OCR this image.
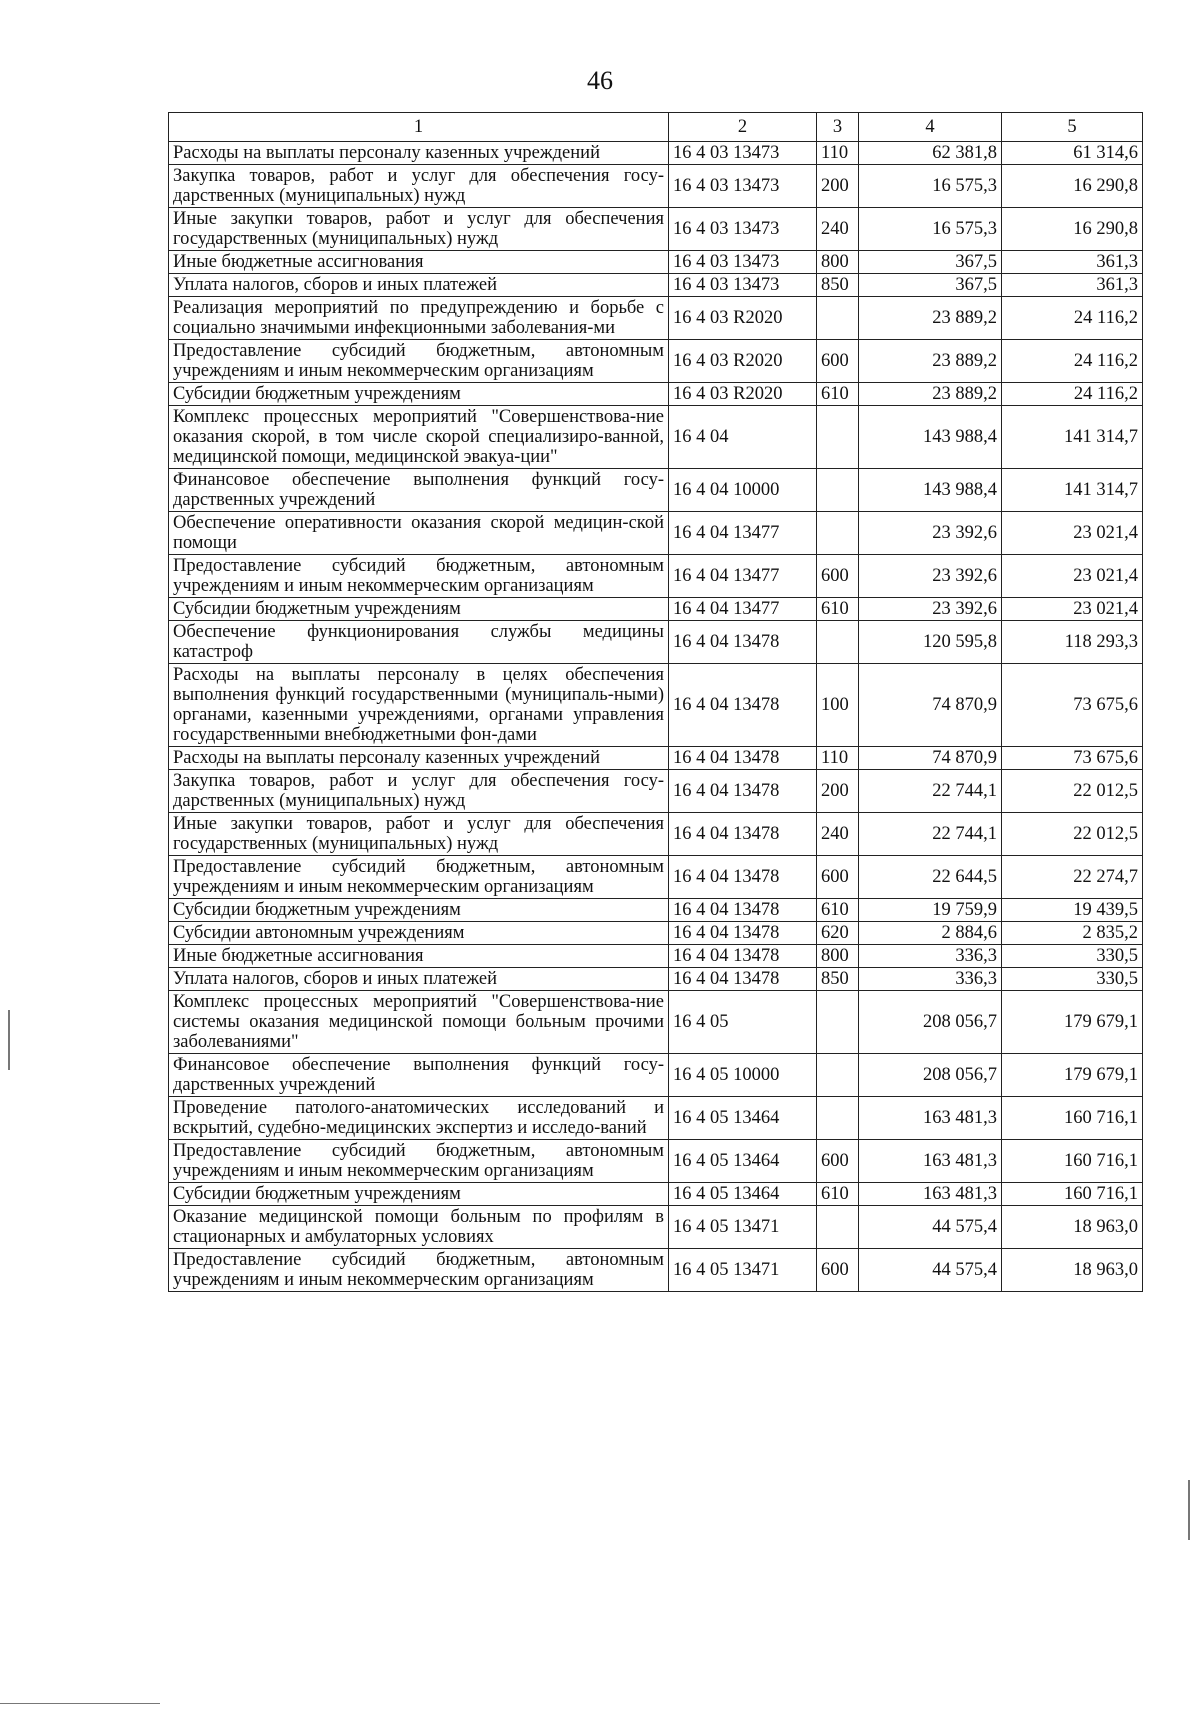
46
1	2	3	4	5
Расходы на выплаты персоналу казенных учреждений	16 4 03 13473	110	62 381,8	61 314,6
Закупка товаров, работ и услуг для обеспечения госу-дарственных (муниципальных) нужд	16 4 03 13473	200	16 575,3	16 290,8
Иные закупки товаров, работ и услуг для обеспечения государственных (муниципальных) нужд	16 4 03 13473	240	16 575,3	16 290,8
Иные бюджетные ассигнования	16 4 03 13473	800	367,5	361,3
Уплата налогов, сборов и иных платежей	16 4 03 13473	850	367,5	361,3
Реализация мероприятий по предупреждению и борьбе с социально значимыми инфекционными заболевания-ми	16 4 03 R2020		23 889,2	24 116,2
Предоставление субсидий бюджетным, автономным учреждениям и иным некоммерческим организациям	16 4 03 R2020	600	23 889,2	24 116,2
Субсидии бюджетным учреждениям	16 4 03 R2020	610	23 889,2	24 116,2
Комплекс процессных мероприятий "Совершенствова-ние оказания скорой, в том числе скорой специализиро-ванной, медицинской помощи, медицинской эвакуа-ции"	16 4 04		143 988,4	141 314,7
Финансовое обеспечение выполнения функций госу-дарственных учреждений	16 4 04 10000		143 988,4	141 314,7
Обеспечение оперативности оказания скорой медицин-ской помощи	16 4 04 13477		23 392,6	23 021,4
Предоставление субсидий бюджетным, автономным учреждениям и иным некоммерческим организациям	16 4 04 13477	600	23 392,6	23 021,4
Субсидии бюджетным учреждениям	16 4 04 13477	610	23 392,6	23 021,4
Обеспечение функционирования службы медицины катастроф	16 4 04 13478		120 595,8	118 293,3
Расходы на выплаты персоналу в целях обеспечения выполнения функций государственными (муниципаль-ными) органами, казенными учреждениями, органами управления государственными внебюджетными фон-дами	16 4 04 13478	100	74 870,9	73 675,6
Расходы на выплаты персоналу казенных учреждений	16 4 04 13478	110	74 870,9	73 675,6
Закупка товаров, работ и услуг для обеспечения госу-дарственных (муниципальных) нужд	16 4 04 13478	200	22 744,1	22 012,5
Иные закупки товаров, работ и услуг для обеспечения государственных (муниципальных) нужд	16 4 04 13478	240	22 744,1	22 012,5
Предоставление субсидий бюджетным, автономным учреждениям и иным некоммерческим организациям	16 4 04 13478	600	22 644,5	22 274,7
Субсидии бюджетным учреждениям	16 4 04 13478	610	19 759,9	19 439,5
Субсидии автономным учреждениям	16 4 04 13478	620	2 884,6	2 835,2
Иные бюджетные ассигнования	16 4 04 13478	800	336,3	330,5
Уплата налогов, сборов и иных платежей	16 4 04 13478	850	336,3	330,5
Комплекс процессных мероприятий "Совершенствова-ние системы оказания медицинской помощи больным прочими заболеваниями"	16 4 05		208 056,7	179 679,1
Финансовое обеспечение выполнения функций госу-дарственных учреждений	16 4 05 10000		208 056,7	179 679,1
Проведение патолого-анатомических исследований и вскрытий, судебно-медицинских экспертиз и исследо-ваний	16 4 05 13464		163 481,3	160 716,1
Предоставление субсидий бюджетным, автономным учреждениям и иным некоммерческим организациям	16 4 05 13464	600	163 481,3	160 716,1
Субсидии бюджетным учреждениям	16 4 05 13464	610	163 481,3	160 716,1
Оказание медицинской помощи больным по профилям в стационарных и амбулаторных условиях	16 4 05 13471		44 575,4	18 963,0
Предоставление субсидий бюджетным, автономным учреждениям и иным некоммерческим организациям	16 4 05 13471	600	44 575,4	18 963,0
